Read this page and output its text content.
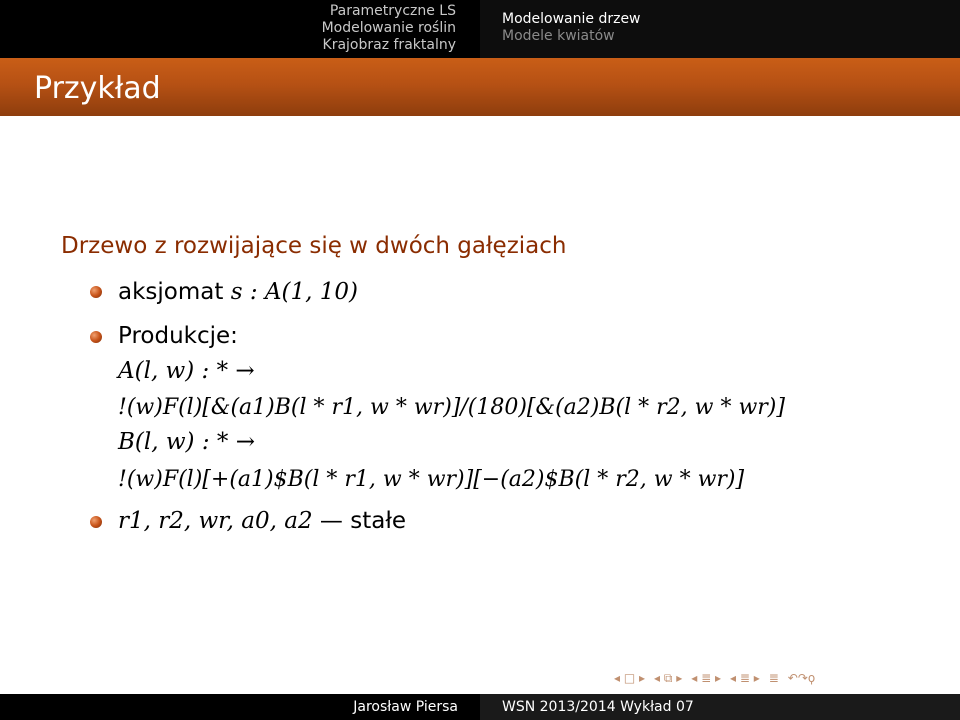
Parametryczne LS
Modelowanie roślin
Krajobraz fraktalny
Modelowanie drzew
Modele kwiatów
Przykład
Drzewo z rozwijające się w dwóch gałęziach
aksjomat s : A(1, 10)
Produkcje:
A(l, w) : * →
!(w)F(l)[&(a1)B(l * r1, w * wr)]/(180)[&(a2)B(l * r2, w * wr)]
B(l, w) : * →
!(w)F(l)[+(a1)$B(l * r1, w * wr)][−(a2)$B(l * r2, w * wr)]
r1, r2, wr, a0, a2 — stałe
◂ □ ▸ ◂ ⧉ ▸ ◂ ≣ ▸ ◂ ≣ ▸ ≣ ↶↷ϙ
Jarosław Piersa	WSN 2013/2014 Wykład 07
